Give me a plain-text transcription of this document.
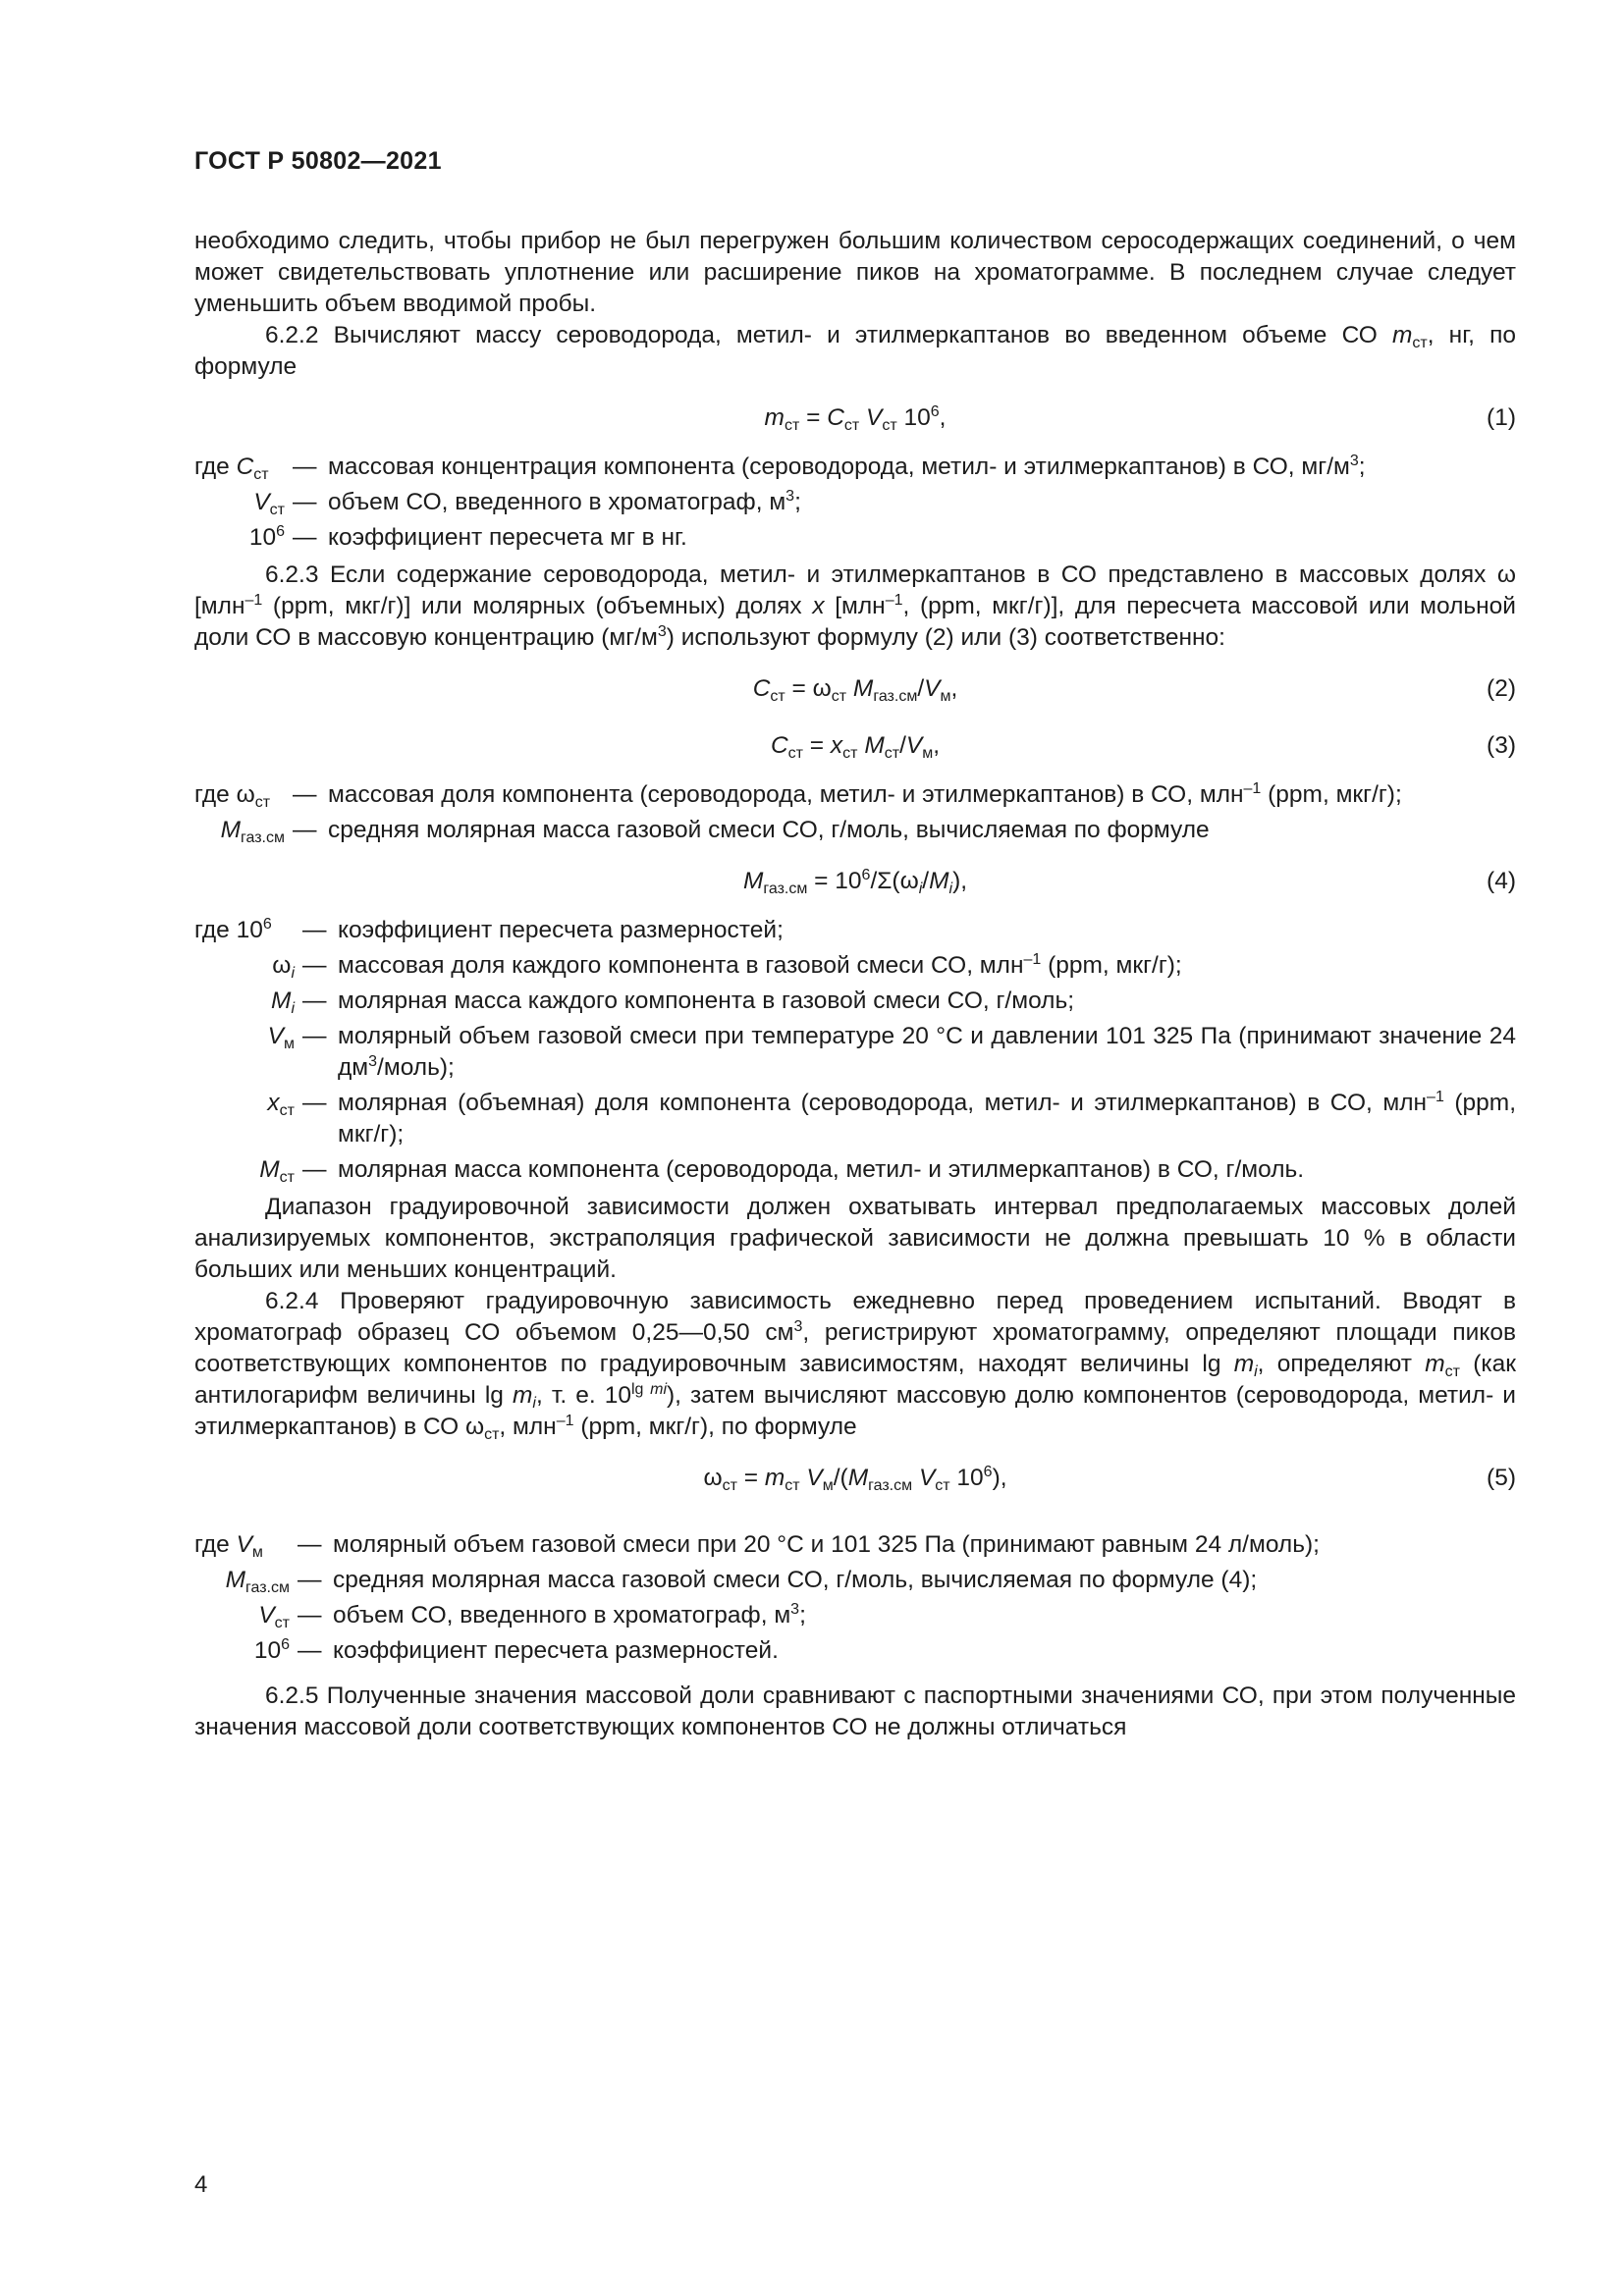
ГОСТ Р 50802—2021

необходимо следить, чтобы прибор не был перегружен большим количеством серосодержащих соединений, о чем может свидетельствовать уплотнение или расширение пиков на хроматограмме. В последнем случае следует уменьшить объем вводимой пробы.

6.2.2 Вычисляют массу сероводорода, метил- и этилмеркаптанов во введенном объеме СО $m_{ст}$, нг, по формуле

$m_{ст} = C_{ст}$ $V_{ст}$ $10^6$,	(1)
где $C_{ст}$ — массовая концентрация компонента (сероводорода, метил- и этилмеркаптанов) в СО, $мг/м^3$;
$V_{ст}$ — объем СО, введенного в хроматограф, $м^3$;
$10^6$ — коэффициент пересчета мг в нг.

6.2.3 Если содержание сероводорода, метил- и этилмеркаптанов в СО представлено в массовых долях ω [млн$^{-1}$ (ppm, мкг/г)] или молярных (объемных) долях x [млн$^{-1}$, (ppm, мкг/г)], для пересчета массовой или мольной доли СО в массовую концентрацию $(мг/м^3)$ используют формулу (2) или (3) соответственно:

$C_{ст} = \omega_{ст}$ $M_{газ.см}/V_м$,	(2)
$C_{ст} = x_{ст}$ $M_{ст}/V_м$,	(3)
где $\omega_{ст}$ — массовая доля компонента (сероводорода, метил- и этилмеркаптанов) в СО, млн$^{-1}$ (ppm, мкг/г);
$M_{газ.см}$ — средняя молярная масса газовой смеси СО, г/моль, вычисляемая по формуле
$M_{газ.см} = 10^6/\Sigma(\omega_i/M_i)$,	(4)
где $10^6$	— коэффициент пересчета размерностей;
$\omega_i$ — массовая доля каждого компонента в газовой смеси СО, млн$^{-1}$ (ppm, мкг/г);
$M_i$ — молярная масса каждого компонента в газовой смеси СО, г/моль;
$V_м$ — молярный объем газовой смеси при температуре 20 °С и давлении 101 325 Па (принимают значение 24 $дм^3/моль$);
$x_{ст}$ — молярная (объемная) доля компонента (сероводорода, метил- и этилмеркаптанов) в СО, млн$^{-1}$ (ppm, мкг/г);
$M_{ст}$ — молярная масса компонента (сероводорода, метил- и этилмеркаптанов) в СО, г/моль.

Диапазон градуировочной зависимости должен охватывать интервал предполагаемых массовых долей анализируемых компонентов, экстраполяция графической зависимости не должна превышать 10 % в области больших или меньших концентраций.

6.2.4 Проверяют градуировочную зависимость ежедневно перед проведением испытаний. Вводят в хроматограф образец СО объемом 0,25—0,50 $см^3$, регистрируют хроматограмму, определяют площади пиков соответствующих компонентов по градуировочным зависимостям, находят величины $\lg m_i$, определяют $m_{ст}$ (как антилогарифм величины $\lg m_i$, т. е. $10^{lg mi}$), затем вычисляют массовую долю компонентов (сероводорода, метил- и этилмеркаптанов) в СО $\omega_{ст}$, млн$^{-1}$ (ppm, мкг/г), по формуле

$\omega_{ст} = m_{ст}$ $V_м/(M_{газ.см}$ $V_{ст}$ $10^6$),	(5)
где $V_м$	— молярный объем газовой смеси при 20 °С и 101 325 Па (принимают равным 24 л/моль);
$M_{газ.см}$ — средняя молярная масса газовой смеси СО, г/моль, вычисляемая по формуле (4);
$V_{ст}$ — объем СО, введенного в хроматограф, $м^3$;
$10^6$ — коэффициент пересчета размерностей.

6.2.5 Полученные значения массовой доли сравнивают с паспортными значениями СО, при этом полученные значения массовой доли соответствующих компонентов СО не должны отличаться

4
